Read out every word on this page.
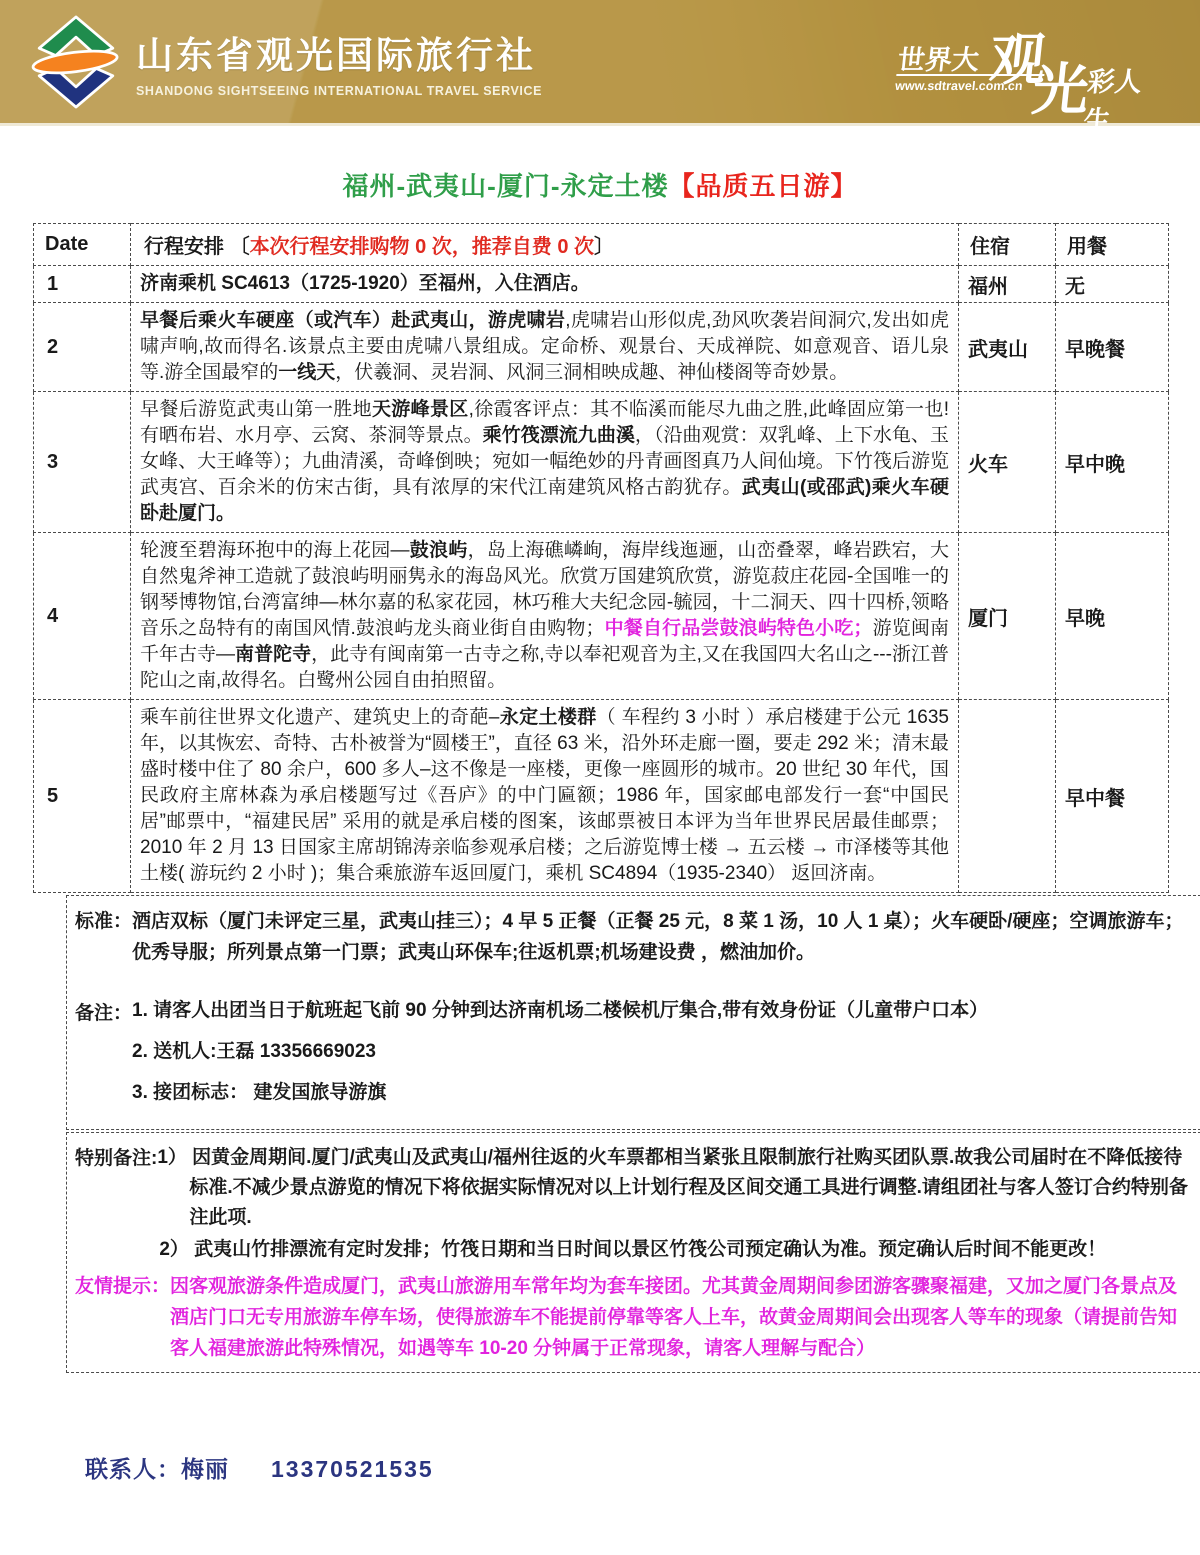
山东省观光国际旅行社
SHANDONG SIGHTSEEING INTERNATIONAL TRAVEL SERVICE
世界大 观
光
彩人生
www.sdtravel.com.cn
福州-武夷山-厦门-永定土楼【品质五日游】
Date	行程安排 〔本次行程安排购物 0 次，推荐自费 0 次〕	住宿	用餐
1	济南乘机 SC4613（1725-1920）至福州，入住酒店。	福州	无
2	早餐后乘火车硬座（或汽车）赴武夷山，游虎啸岩,虎啸岩山形似虎,劲风吹袭岩间洞穴,发出如虎啸声响,故而得名.该景点主要由虎啸八景组成。定命桥、观景台、天成禅院、如意观音、语儿泉等.游全国最窄的一线天，伏羲洞、灵岩洞、风洞三洞相映成趣、神仙楼阁等奇妙景。	武夷山	早晚餐
3	早餐后游览武夷山第一胜地天游峰景区,徐霞客评点：其不临溪而能尽九曲之胜,此峰固应第一也!有晒布岩、水月亭、云窝、茶洞等景点。乘竹筏漂流九曲溪，（沿曲观赏：双乳峰、上下水龟、玉女峰、大王峰等）；九曲清溪，奇峰倒映；宛如一幅绝妙的丹青画图真乃人间仙境。下竹筏后游览武夷宫、百余米的仿宋古街，具有浓厚的宋代江南建筑风格古韵犹存。武夷山(或邵武)乘火车硬卧赴厦门。	火车	早中晚
4	轮渡至碧海环抱中的海上花园—鼓浪屿，岛上海礁嶙峋，海岸线迤逦，山峦叠翠，峰岩跌宕，大自然鬼斧神工造就了鼓浪屿明丽隽永的海岛风光。欣赏万国建筑欣赏，游览菽庄花园-全国唯一的钢琴博物馆,台湾富绅—林尔嘉的私家花园，林巧稚大夫纪念园-毓园，十二洞天、四十四桥,领略音乐之岛特有的南国风情.鼓浪屿龙头商业街自由购物；中餐自行品尝鼓浪屿特色小吃；游览闽南千年古寺—南普陀寺，此寺有闽南第一古寺之称,寺以奉祀观音为主,又在我国四大名山之---浙江普陀山之南,故得名。白鹭州公园自由拍照留。	厦门	早晚
5	乘车前往世界文化遗产、建筑史上的奇葩–永定土楼群（ 车程约 3 小时 ）承启楼建于公元 1635 年，以其恢宏、奇特、古朴被誉为“圆楼王”，直径 63 米，沿外环走廊一圈，要走 292 米；清末最盛时楼中住了 80 余户，600 多人–这不像是一座楼，更像一座圆形的城市。20 世纪 30 年代，国民政府主席林森为承启楼题写过《吾庐》的中门匾额；1986 年，国家邮电部发行一套“中国民居”邮票中，“福建民居” 采用的就是承启楼的图案，该邮票被日本评为当年世界民居最佳邮票；2010 年 2 月 13 日国家主席胡锦涛亲临参观承启楼；之后游览博士楼 → 五云楼 → 市泽楼等其他土楼( 游玩约 2 小时 )；集合乘旅游车返回厦门，乘机 SC4894（1935-2340） 返回济南。		早中餐
标准： 酒店双标（厦门未评定三星，武夷山挂三）；4 早 5 正餐（正餐 25 元，8 菜 1 汤，10 人 1 桌）；火车硬卧/硬座；空调旅游车；优秀导服；所列景点第一门票；武夷山环保车;往返机票;机场建设费 ，燃油加价。
备注： 1. 请客人出团当日于航班起飞前 90 分钟到达济南机场二楼候机厅集合,带有效身份证（儿童带户口本）
2. 送机人:王磊 13356669023
3. 接团标志： 建发国旅导游旗
特别备注: 1） 因黄金周期间.厦门/武夷山及武夷山/福州往返的火车票都相当紧张且限制旅行社购买团队票.故我公司届时在不降低接待标准.不减少景点游览的情况下将依据实际情况对以上计划行程及区间交通工具进行调整.请组团社与客人签订合约特别备注此项.
2） 武夷山竹排漂流有定时发排；竹筏日期和当日时间以景区竹筏公司预定确认为准。预定确认后时间不能更改！
友情提示： 因客观旅游条件造成厦门，武夷山旅游用车常年均为套车接团。尤其黄金周期间参团游客骤聚福建，又加之厦门各景点及酒店门口无专用旅游车停车场，使得旅游车不能提前停靠等客人上车，故黄金周期间会出现客人等车的现象（请提前告知客人福建旅游此特殊情况，如遇等车 10-20 分钟属于正常现象，请客人理解与配合）
联系人：梅丽 13370521535
